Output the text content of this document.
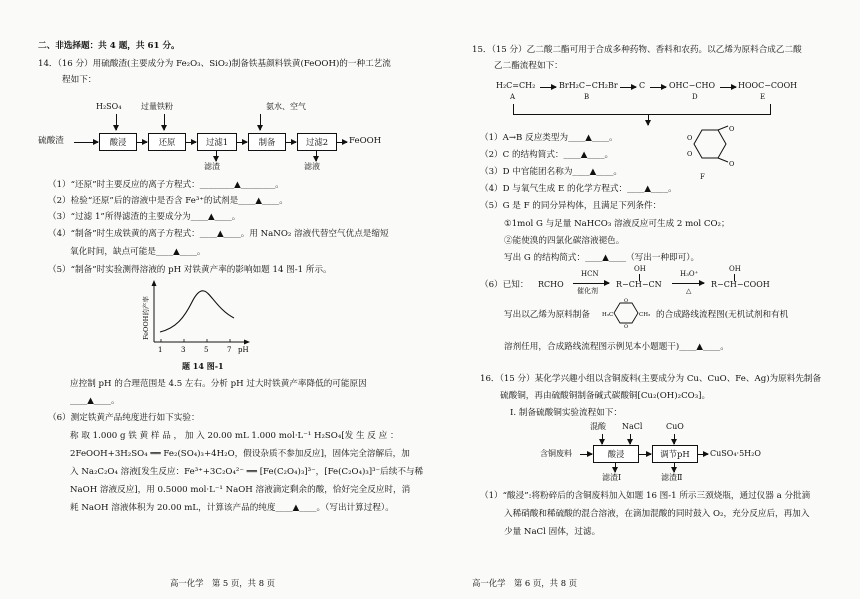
二、非选择题：共 4 题，共 61 分。
14．（16 分）用硫酸渣(主要成分为 Fe₂O₃、SiO₂)制备铁基颜料铁黄(FeOOH)的一种工艺流
程如下：
H₂SO₄ 过量铁粉	氨水、空气
硫酸渣	酸浸	还原	过滤1	制备	过滤2	FeOOH
滤渣	滤液
（1）“还原”时主要反应的离子方程式：________▲________。
（2）检验“还原”后的溶液中是否含 Fe³⁺的试剂是____▲____。
（3）“过滤 1”所得滤渣的主要成分为____▲____。
（4）“制备”时生成铁黄的离子方程式：____▲____。用 NaNO₂ 溶液代替空气优点是缩短
氧化时间，缺点可能是____▲____。
（5）“制备”时实验测得溶液的 pH 对铁黄产率的影响如题 14 图-1 所示。
1	3	5	7 pH
FeOOH的产率
题 14 图-1
应控制 pH 的合理范围是 4.5 左右。分析 pH 过大时铁黄产率降低的可能原因
____▲____。
（6）测定铁黄产品纯度进行如下实验：
称 取 1.000 g 铁 黄 样 品 ， 加 入 20.00 mL 1.000 mol·L⁻¹ H₂SO₄[发 生 反 应 ：
2FeOOH+3H₂SO₄ ══ Fe₂(SO₄)₃+4H₂O，假设杂质不参加反应]，固体完全溶解后，加
入 Na₂C₂O₄ 溶液[发生反应：Fe³⁺+3C₂O₄²⁻ ══ [Fe(C₂O₄)₃]³⁻，[Fe(C₂O₄)₃]³⁻后续不与稀
NaOH 溶液反应]，用 0.5000 mol·L⁻¹ NaOH 溶液滴定剩余的酸，恰好完全反应时，消
耗 NaOH 溶液体积为 20.00 mL，计算该产品的纯度____▲____。（写出计算过程）。
高一化学　第 5 页，共 8 页
15．（15 分）乙二酸二酯可用于合成多种药物、香料和农药。以乙烯为原料合成乙二酸
乙二酯流程如下：
H₂C=CH₂
A
BrH₂C−CH₂Br
B
C	OHC−CHO
D
HOOC−COOH
E
O
O
O
O
F
（1）A→B 反应类型为____▲____。
（2）C 的结构简式：____▲____。
（3）D 中官能团名称为____▲____。
（4）D 与氧气生成 E 的化学方程式：____▲____。
（5）G 是 F 的同分异构体，且满足下列条件：
①1mol G 与足量 NaHCO₃ 溶液反应可生成 2 mol CO₂；
②能使溴的四氯化碳溶液褪色。
写出 G 的结构简式：____▲____（写出一种即可）。
（6）已知： RCHO
HCN
催化剂
OH
R−CH−CN
H₃O⁺
△
OH
R−CH−COOH
写出以乙烯为原料制备 H₃C	CH₃
O
O
的合成路线流程图(无机试剂和有机
溶剂任用，合成路线流程图示例见本小题题干)____▲____。
16．（15 分）某化学兴趣小组以含铜废料(主要成分为 Cu、CuO、Fe、Ag)为原料先制备
硫酸铜，再由硫酸铜制备碱式碳酸铜[Cu₂(OH)₂CO₃]。
Ⅰ. 制备硫酸铜实验流程如下：
混酸 NaCl	CuO
含铜废料	酸浸	调节pH	CuSO₄·5H₂O
滤渣Ⅰ	滤渣Ⅱ
（1）“酸浸”:将粉碎后的含铜废料加入如题 16 图-1 所示三颈烧瓶，通过仪器 a 分批滴
入稀硝酸和稀硫酸的混合溶液，在滴加混酸的同时鼓入 O₂，充分反应后，再加入
少量 NaCl 固体，过滤。
高一化学　第 6 页，共 8 页
